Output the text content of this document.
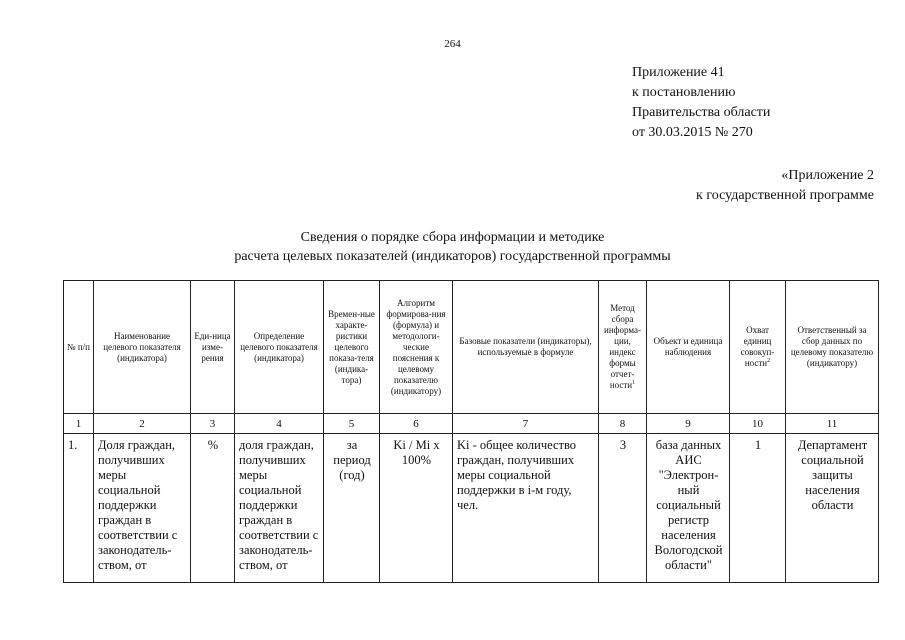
264
Приложение 41
к постановлению
Правительства области
от 30.03.2015 № 270
«Приложение 2
к государственной программе
Сведения о порядке сбора информации и методике
расчета целевых показателей (индикаторов) государственной программы
№ п/п	Наименование целевого показателя (индикатора)	Еди-ница изме-рения	Определение целевого показателя (индикатора)	Времен-ные характе-ристики целевого показа-теля (индика-тора)	Алгоритм формирова-ния (формула) и методологи-ческие пояснения к целевому показателю (индикатору)	Базовые показатели (индикаторы), используемые в формуле	Метод сбора информа-ции, индекс формы отчет-ности$^1$	Объект и единица наблюдения	Охват единиц совокуп-ности$^2$	Ответственный за сбор данных по целевому показателю (индикатору)
1	2	3	4	5	6	7	8	9	10	11
1.	Доля граждан, получивших меры социальной поддержки граждан в соответствии с законодатель-ством, от	%	доля граждан, получивших меры социальной поддержки граждан в соответствии с законодатель-ством, от	за период (год)	Ki / Mi x 100%	Ki - общее количество граждан, получивших меры социальной поддержки в i-м году, чел.	3	база данных АИС "Электрон-ный социальный регистр населения Вологодской области"	1	Департамент социальной защиты населения области
